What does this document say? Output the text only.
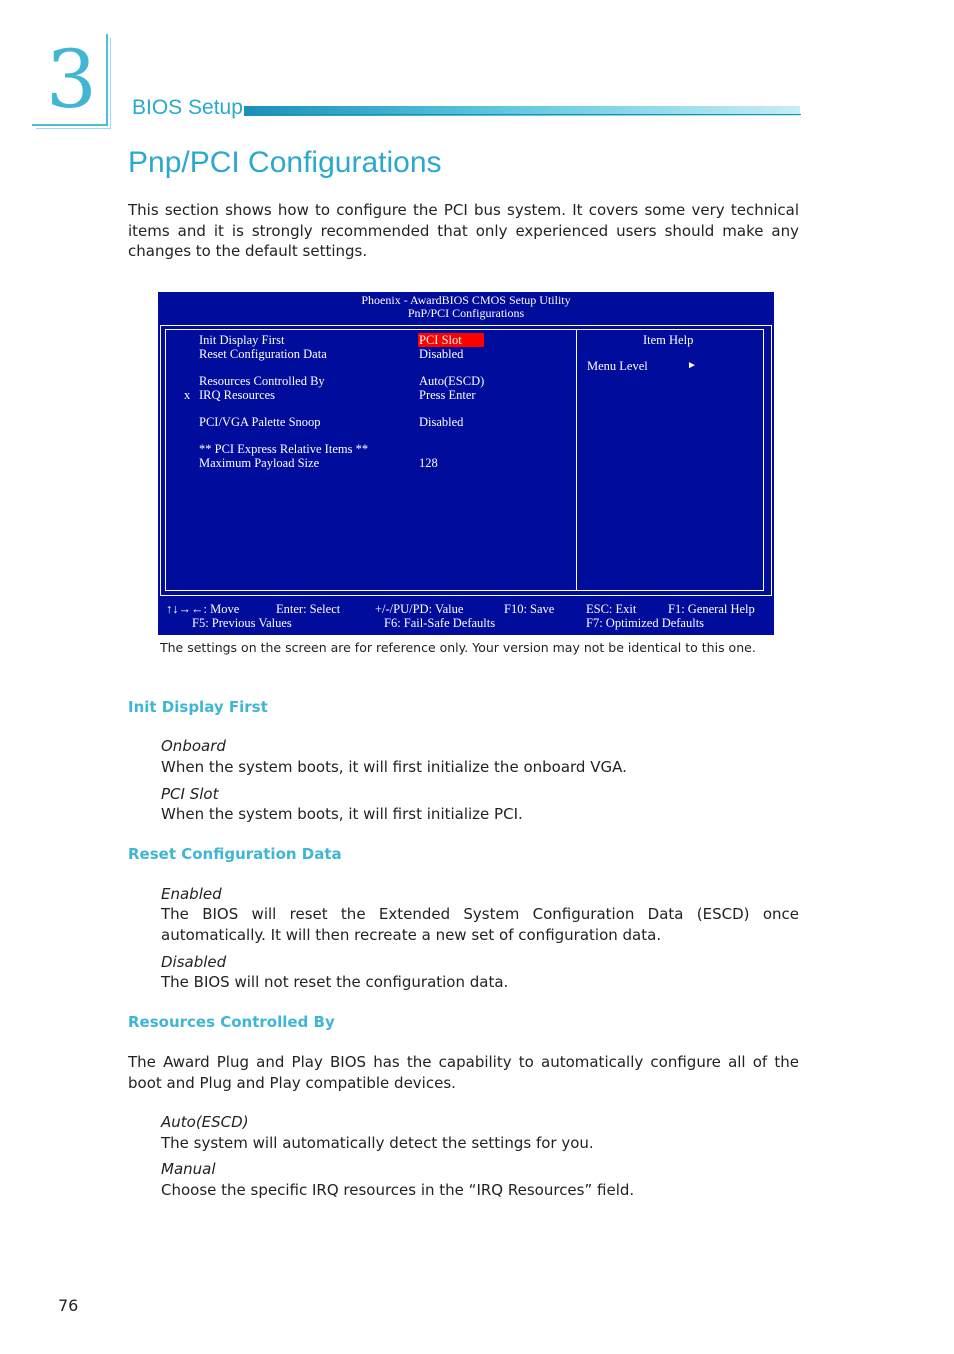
3 BIOS Setup
Pnp/PCI Configurations
This section shows how to configure the PCI bus system. It covers some very technical items and it is strongly recommended that only experienced users should make any changes to the default settings.
Phoenix - AwardBIOS CMOS Setup Utility
PnP/PCI Configurations
Init Display First	PCI Slot
Reset Configuration Data	Disabled
Resources Controlled By	Auto(ESCD)
x IRQ Resources	Press Enter
PCI/VGA Palette Snoop	Disabled
** PCI Express Relative Items **
Maximum Payload Size	128
Item Help
Menu Level	►
↑↓→←: Move	Enter: Select	+/-/PU/PD: Value	F10: Save	ESC: Exit	F1: General Help
F5: Previous Values	F6: Fail-Safe Defaults	F7: Optimized Defaults
The settings on the screen are for reference only. Your version may not be identical to this one.
Init Display First
Onboard
When the system boots, it will first initialize the onboard VGA.
PCI Slot
When the system boots, it will first initialize PCI.
Reset Configuration Data
Enabled
The BIOS will reset the Extended System Configuration Data (ESCD) once automatically. It will then recreate a new set of configuration data.
Disabled
The BIOS will not reset the configuration data.
Resources Controlled By
The Award Plug and Play BIOS has the capability to automatically configure all of the boot and Plug and Play compatible devices.
Auto(ESCD)
The system will automatically detect the settings for you.
Manual
Choose the specific IRQ resources in the “IRQ Resources” field.
76
